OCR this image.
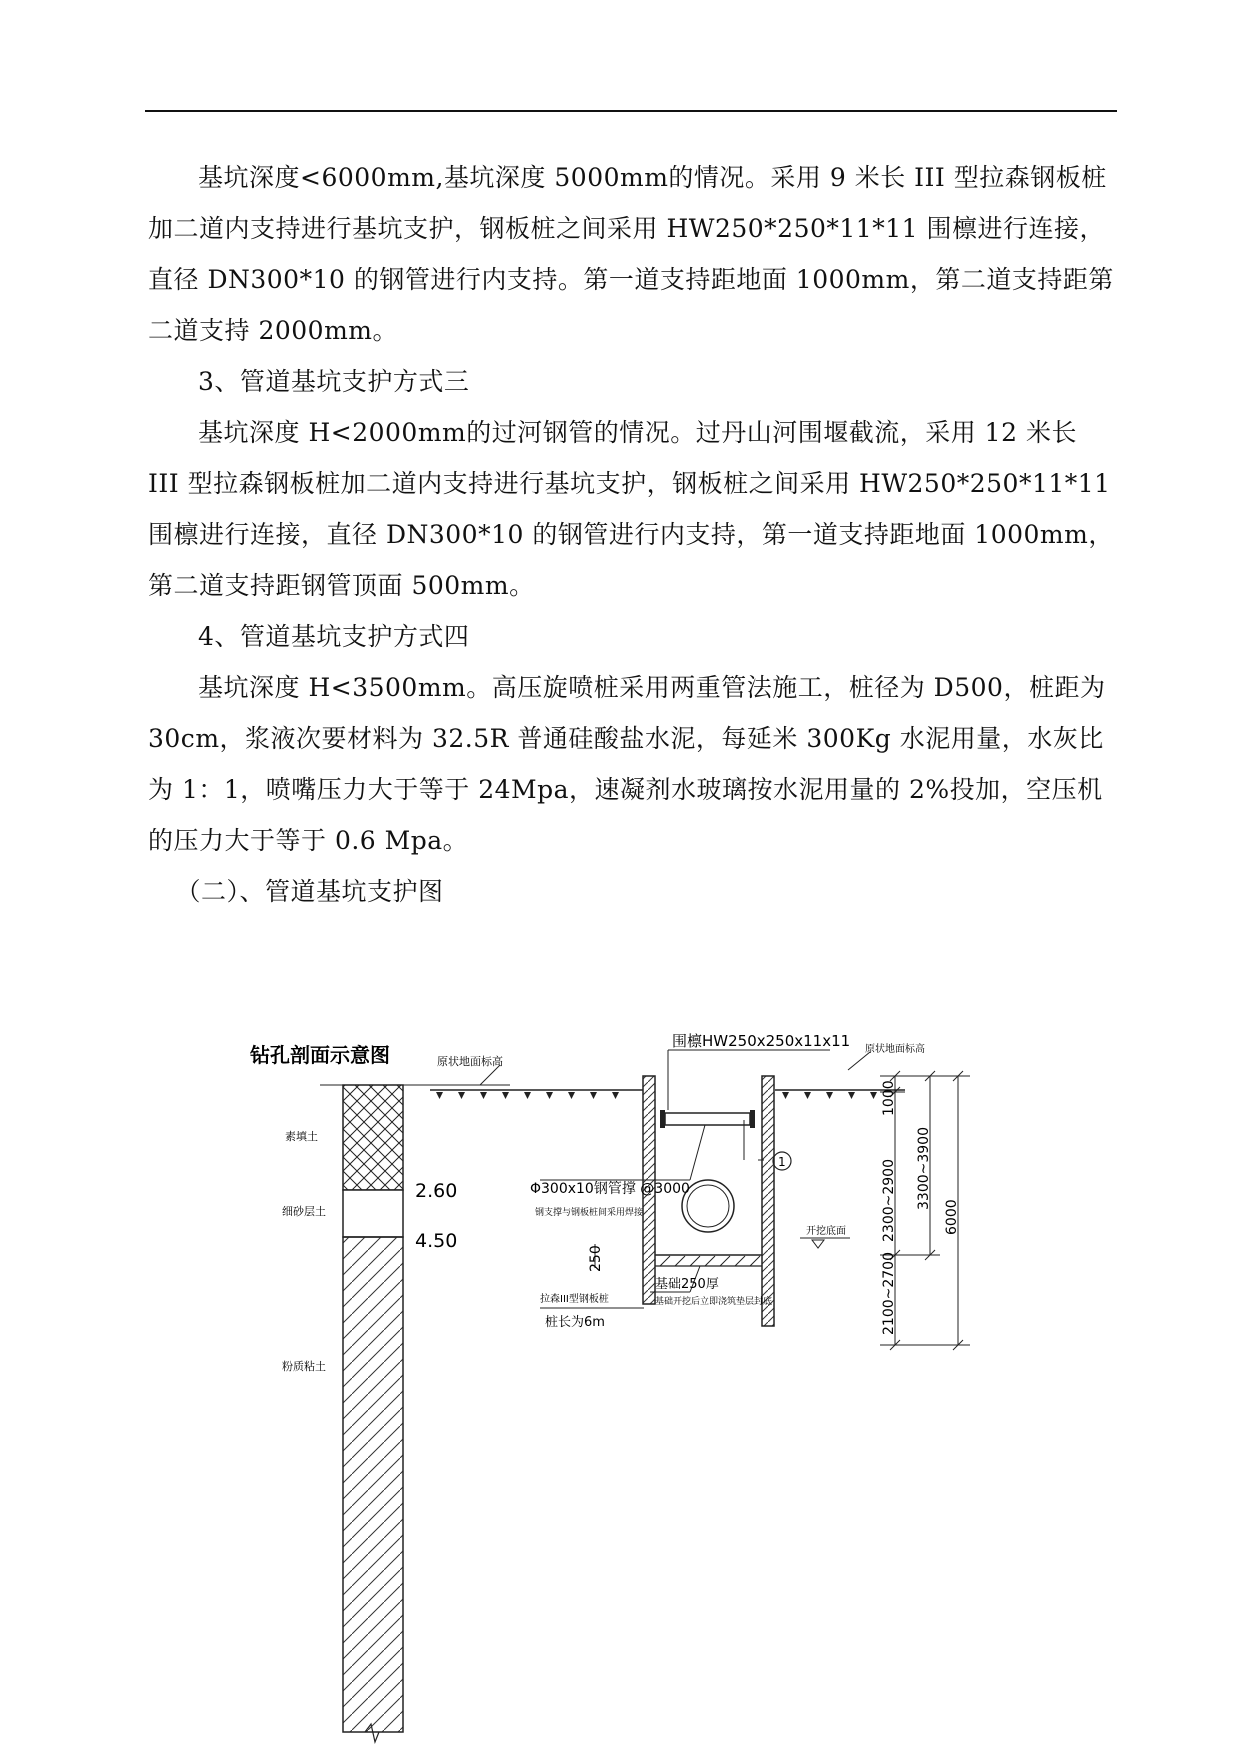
基坑深度<6000mm,基坑深度 5000mm的情况。采用 9 米长 III 型拉森钢板桩加二道内支持进行基坑支护，钢板桩之间采用 HW250*250*11*11 围檩进行连接，直径 DN300*10 的钢管进行内支持。第一道支持距地面 1000mm，第二道支持距第二道支持 2000mm。

3、管道基坑支护方式三

基坑深度 H<2000mm的过河钢管的情况。过丹山河围堰截流，采用 12 米长 III 型拉森钢板桩加二道内支持进行基坑支护，钢板桩之间采用 HW250*250*11*11 围檩进行连接，直径 DN300*10 的钢管进行内支持，第一道支持距地面 1000mm，第二道支持距钢管顶面 500mm。

4、管道基坑支护方式四

基坑深度 H<3500mm。高压旋喷桩采用两重管法施工，桩径为 D500，桩距为 30cm，浆液次要材料为 32.5R 普通硅酸盐水泥，每延米 300Kg 水泥用量，水灰比为 1：1，喷嘴压力大于等于 24Mpa，速凝剂水玻璃按水泥用量的 2%投加，空压机的压力大于等于 0.6 Mpa。

（二）、管道基坑支护图

钻孔剖面示意图	原状地面标高
素填土
细砂层土
粉质粘土
2.60
4.50
围檩HW250x250x11x11
1
开挖底面
250
Φ300x10钢管撑 @3000
钢支撑与钢板桩间采用焊接
拉森III型钢板桩
桩长为6m
基础250厚
基础开挖后立即浇筑垫层封底
原状地面标高
1000
2300~2900
2100~2700
3300~3900
6000
